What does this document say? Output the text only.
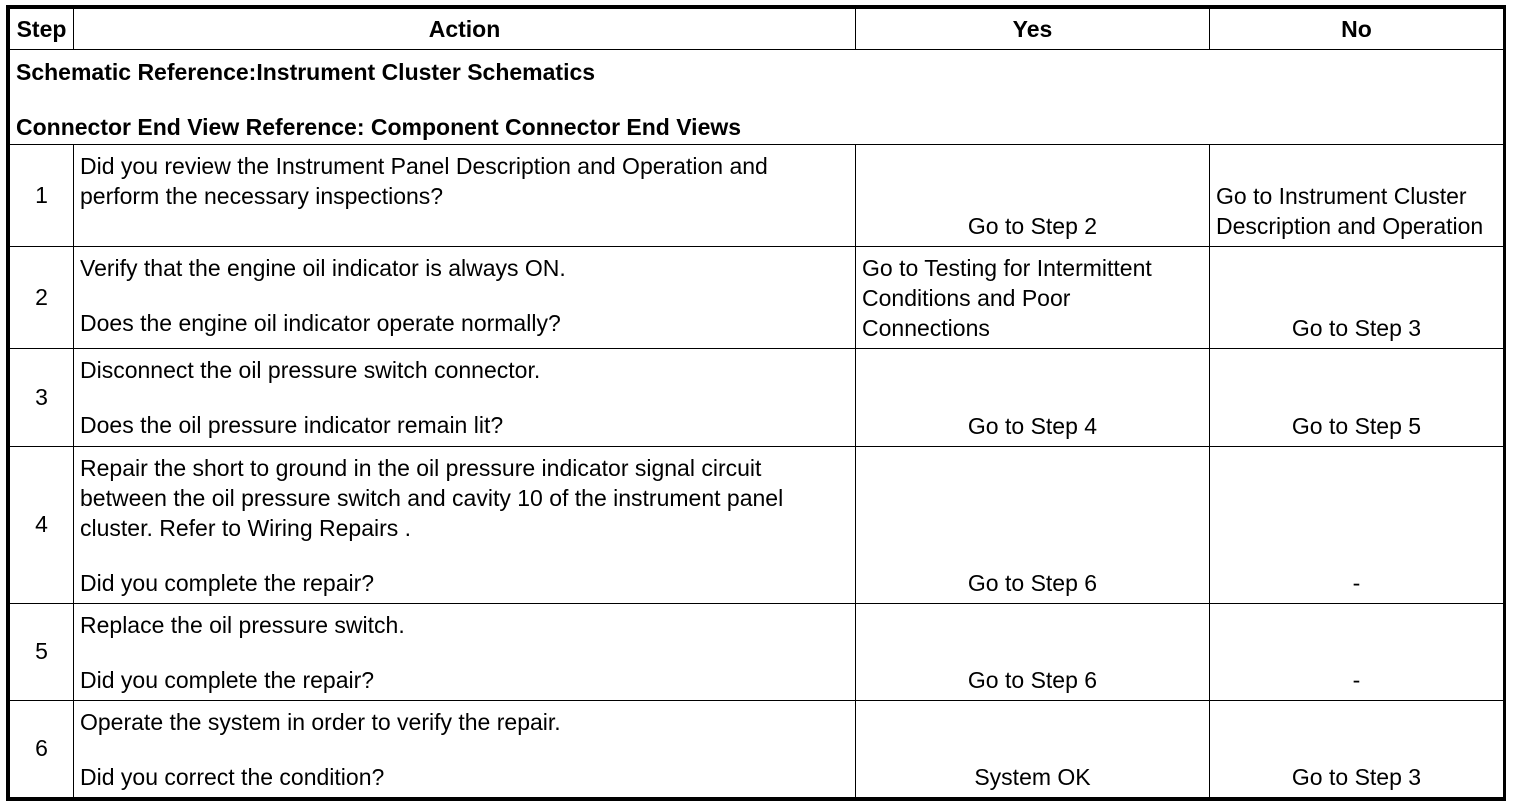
Step	Action	Yes	No

Schematic Reference:Instrument Cluster Schematics
Connector End View Reference: Component Connector End Views			

1	Did you review the Instrument Panel Description and Operation and perform the necessary inspections?	Go to Step 2	Go to Instrument Cluster Description and Operation
2	Verify that the engine oil indicator is always ON.
Does the engine oil indicator operate normally?	Go to Testing for Intermittent Conditions and Poor Connections	Go to Step 3
3	Disconnect the oil pressure switch connector.
Does the oil pressure indicator remain lit?	Go to Step 4	Go to Step 5
4	Repair the short to ground in the oil pressure indicator signal circuit between the oil pressure switch and cavity 10 of the instrument panel cluster. Refer to Wiring Repairs .
Did you complete the repair?	Go to Step 6	-
5	Replace the oil pressure switch.
Did you complete the repair?	Go to Step 6	-
6	Operate the system in order to verify the repair.
Did you correct the condition?	System OK	Go to Step 3
